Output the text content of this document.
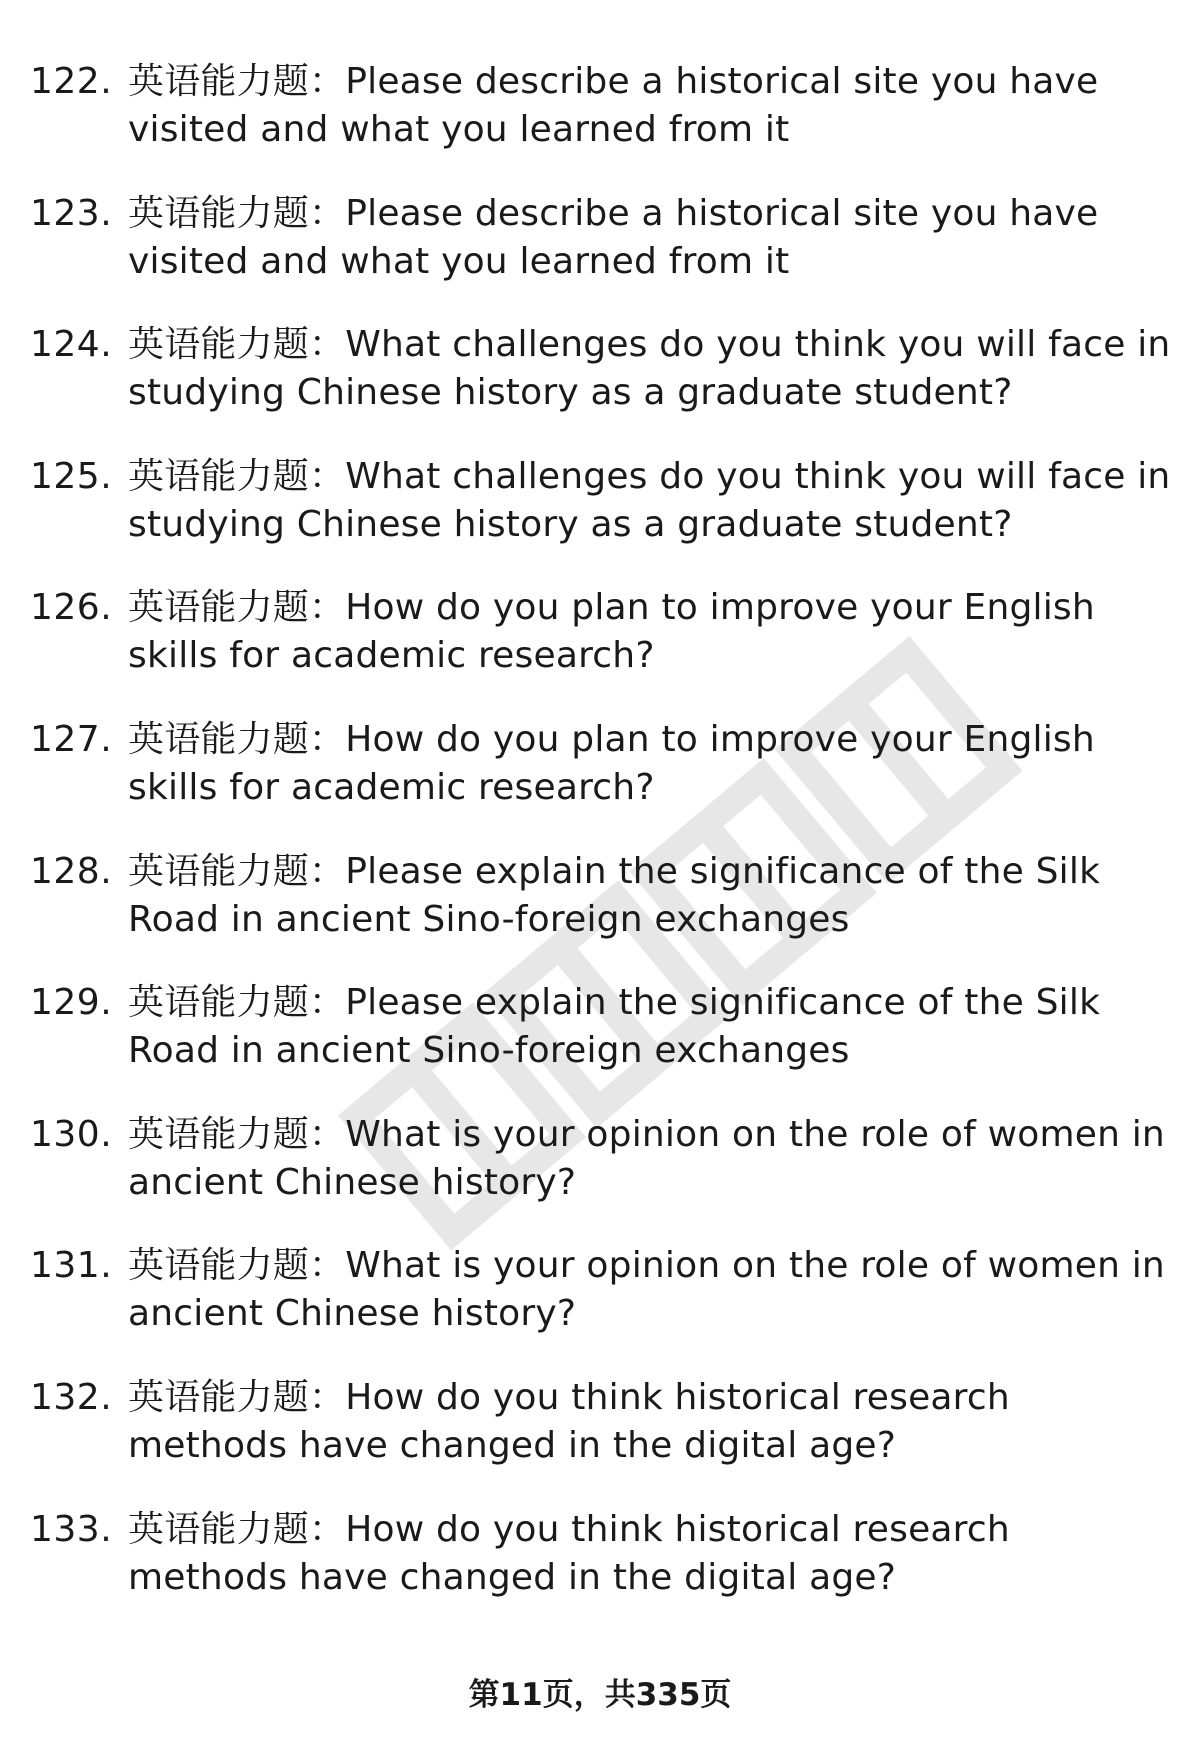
122. 英语能力题：Please describe a historical site you have visited and what you learned from it
123. 英语能力题：Please describe a historical site you have visited and what you learned from it
124. 英语能力题：What challenges do you think you will face in studying Chinese history as a graduate student?
125. 英语能力题：What challenges do you think you will face in studying Chinese history as a graduate student?
126. 英语能力题：How do you plan to improve your English skills for academic research?
127. 英语能力题：How do you plan to improve your English skills for academic research?
128. 英语能力题：Please explain the significance of the Silk Road in ancient Sino-foreign exchanges
129. 英语能力题：Please explain the significance of the Silk Road in ancient Sino-foreign exchanges
130. 英语能力题：What is your opinion on the role of women in ancient Chinese history?
131. 英语能力题：What is your opinion on the role of women in ancient Chinese history?
132. 英语能力题：How do you think historical research methods have changed in the digital age?
133. 英语能力题：How do you think historical research methods have changed in the digital age?
第11页，共335页
